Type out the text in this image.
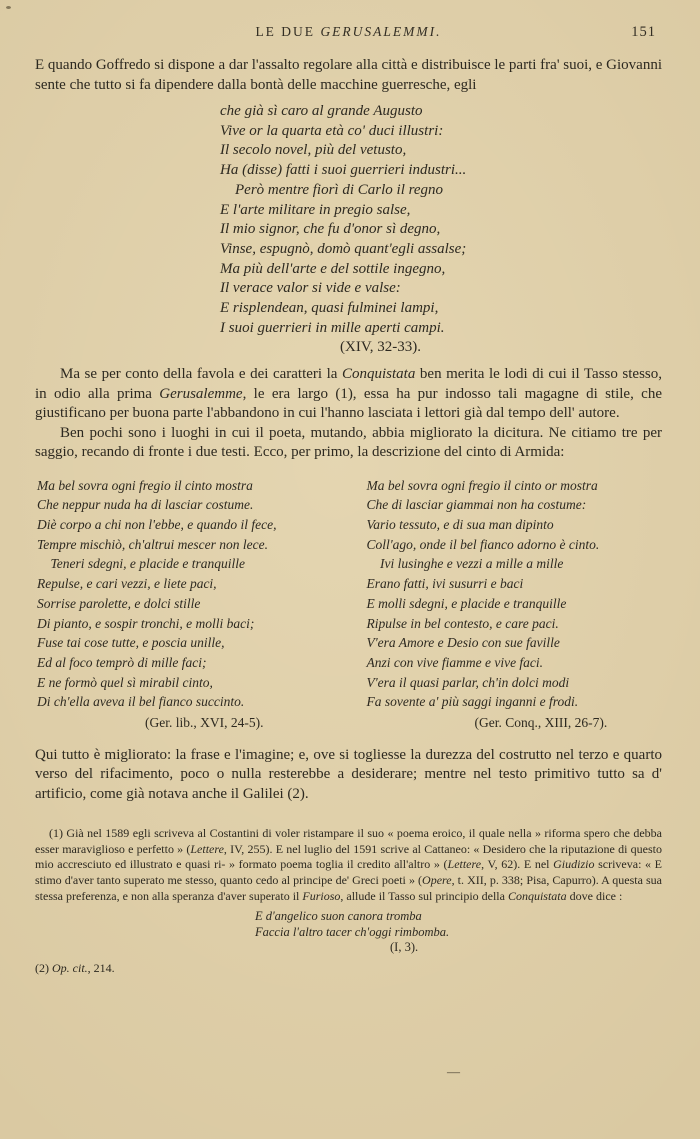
LE DUE GERUSALEMMI.	151

E quando Goffredo si dispone a dar l'assalto regolare alla città e distribuisce le parti fra' suoi, e Giovanni sente che tutto si fa dipendere dalla bontà delle macchine guerresche, egli

che già sì caro al grande Augusto
Vive or la quarta età co' duci illustri:
Il secolo novel, più del vetusto,
Ha (disse) fatti i suoi guerrieri industri...
Però mentre fiorì di Carlo il regno
E l'arte militare in pregio salse,
Il mio signor, che fu d'onor sì degno,
Vinse, espugnò, domò quant'egli assalse;
Ma più dell'arte e del sottile ingegno,
Il verace valor si vide e valse:
E risplendean, quasi fulminei lampi,
I suoi guerrieri in mille aperti campi.
(XIV, 32-33).

Ma se per conto della favola e dei caratteri la Conquistata ben merita le lodi di cui il Tasso stesso, in odio alla prima Gerusalemme, le era largo (1), essa ha pur indosso tali magagne di stile, che giustificano per buona parte l'abbandono in cui l'hanno lasciata i lettori già dal tempo dell' autore.

Ben pochi sono i luoghi in cui il poeta, mutando, abbia migliorato la dicitura. Ne citiamo tre per saggio, recando di fronte i due testi. Ecco, per primo, la descrizione del cinto di Armida:

Ma bel sovra ogni fregio il cinto mostra
Che neppur nuda ha di lasciar costume.
Diè corpo a chi non l'ebbe, e quando il fece,
Tempre mischiò, ch'altrui mescer non lece.
Teneri sdegni, e placide e tranquille
Repulse, e cari vezzi, e liete paci,
Sorrise parolette, e dolci stille
Di pianto, e sospir tronchi, e molli baci;
Fuse tai cose tutte, e poscia unille,
Ed al foco temprò di mille faci;
E ne formò quel sì mirabil cinto,
Di ch'ella aveva il bel fianco succinto.
(Ger. lib., XVI, 24-5).
Ma bel sovra ogni fregio il cinto or mostra
Che di lasciar giammai non ha costume:
Vario tessuto, e di sua man dipinto
Coll'ago, onde il bel fianco adorno è cinto.
Ivi lusinghe e vezzi a mille a mille
Erano fatti, ivi susurri e baci
E molli sdegni, e placide e tranquille
Ripulse in bel contesto, e care paci.
V'era Amore e Desio con sue faville
Anzi con vive fiamme e vive faci.
V'era il quasi parlar, ch'in dolci modi
Fa sovente a' più saggi inganni e frodi.
(Ger. Conq., XIII, 26-7).

Qui tutto è migliorato: la frase e l'imagine; e, ove si togliesse la durezza del costrutto nel terzo e quarto verso del rifacimento, poco o nulla resterebbe a desiderare; mentre nel testo primitivo tutto sa d' artificio, come già notava anche il Galilei (2).

(1) Già nel 1589 egli scriveva al Costantini di voler ristampare il suo « poema eroico, il quale nella » riforma spero che debba esser maraviglioso e perfetto » (Lettere, IV, 255). E nel luglio del 1591 scrive al Cattaneo: « Desidero che la riputazione di questo mio accresciuto ed illustrato e quasi ri- » formato poema toglia il credito all'altro » (Lettere, V, 62). E nel Giudizio scriveva: « E stimo d'aver tanto superato me stesso, quanto cedo al principe de' Greci poeti » (Opere, t. XII, p. 338; Pisa, Capurro). A questa sua stessa preferenza, e non alla speranza d'aver superato il Furioso, allude il Tasso sul principio della Conquistata dove dice :

E d'angelico suon canora tromba
Faccia l'altro tacer ch'oggi rimbomba.
(I, 3).

(2) Op. cit., 214.

—
